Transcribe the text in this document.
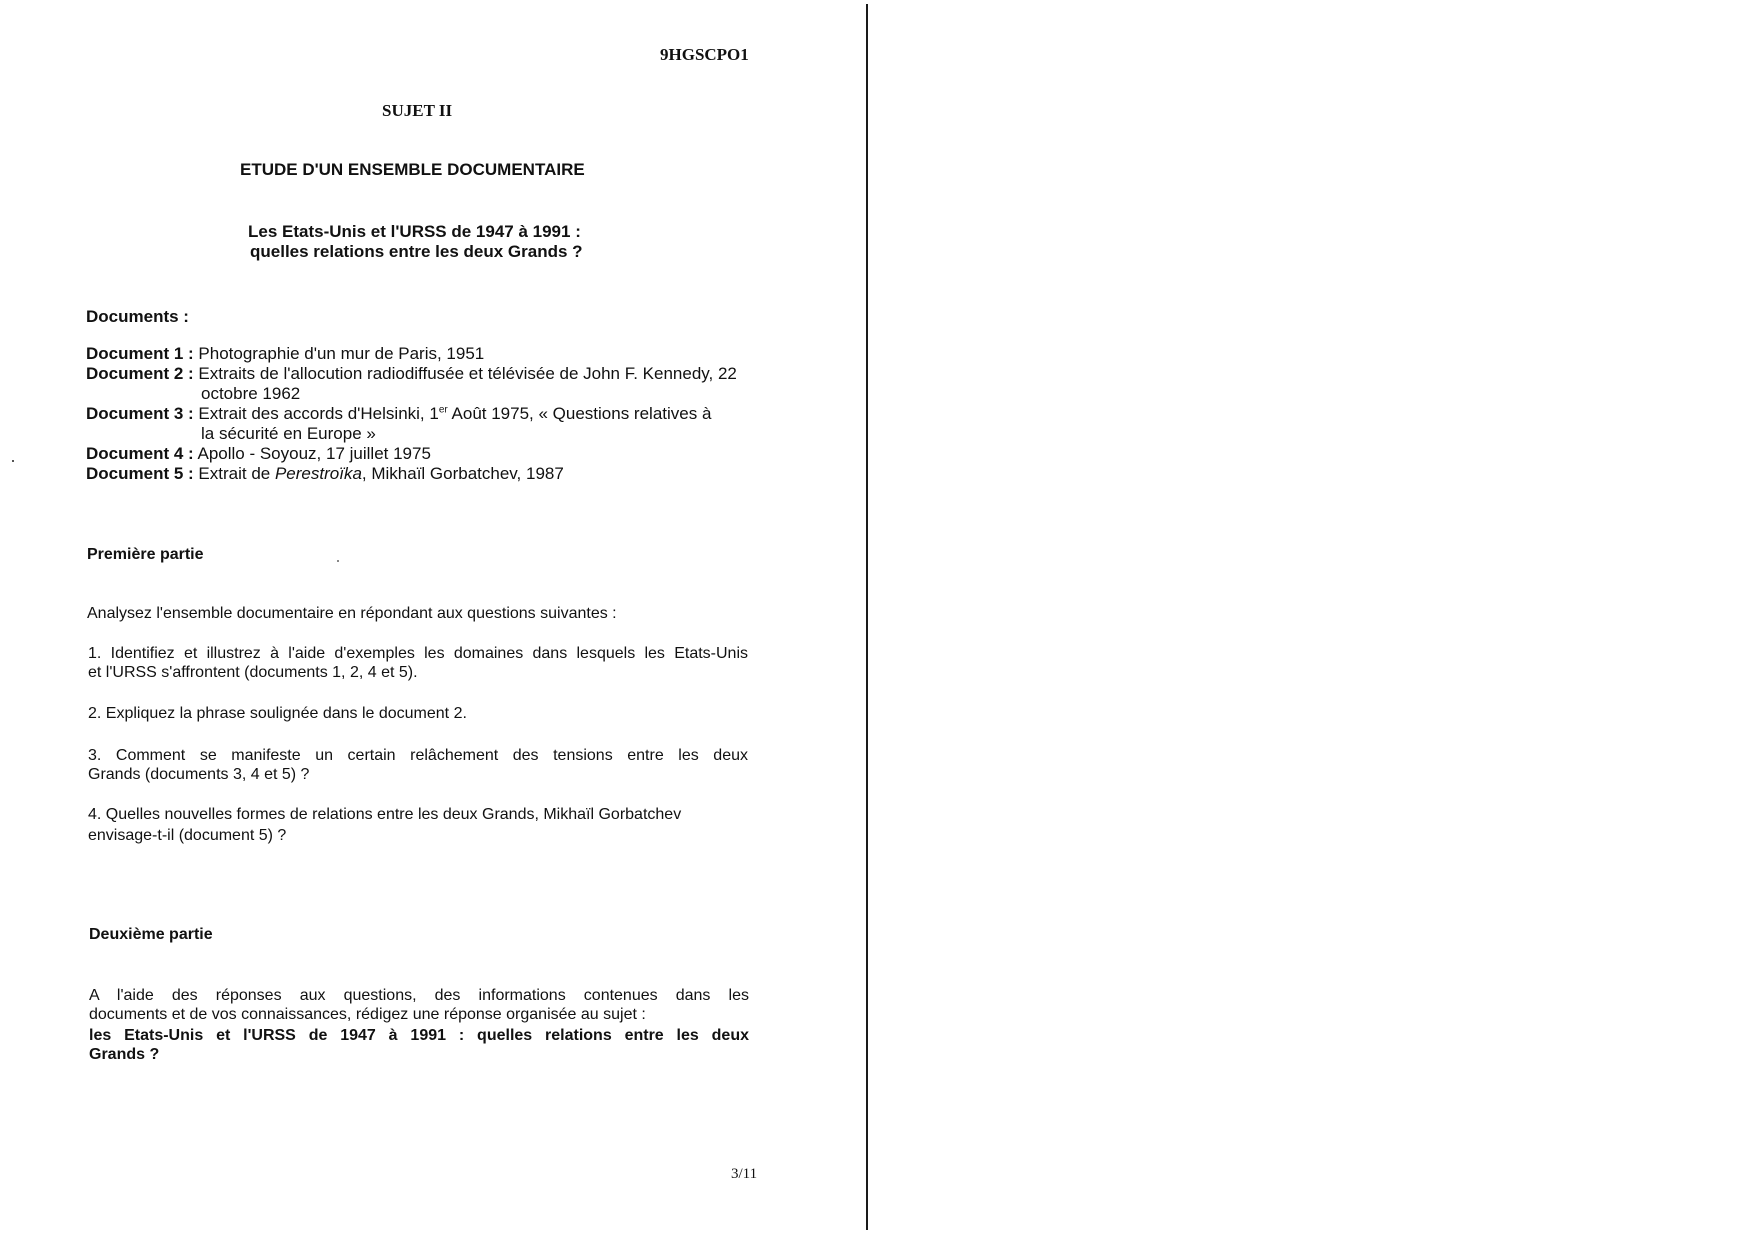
9HGSCPO1
SUJET II
ETUDE D'UN ENSEMBLE DOCUMENTAIRE
Les Etats-Unis et l'URSS de 1947 à 1991 :
quelles relations entre les deux Grands ?
Documents :
Document 1 : Photographie d'un mur de Paris, 1951
Document 2 : Extraits de l'allocution radiodiffusée et télévisée de John F. Kennedy, 22
octobre 1962
Document 3 : Extrait des accords d'Helsinki, 1er Août 1975, « Questions relatives à
la sécurité en Europe »
Document 4 : Apollo - Soyouz, 17 juillet 1975
Document 5 : Extrait de Perestroïka, Mikhaïl Gorbatchev, 1987
Première partie
Analysez l'ensemble documentaire en répondant aux questions suivantes :
1. Identifiez et illustrez à l'aide d'exemples les domaines dans lesquels les Etats-Unis
et l'URSS s'affrontent (documents 1, 2, 4 et 5).
2. Expliquez la phrase soulignée dans le document 2.
3. Comment se manifeste un certain relâchement des tensions entre les deux
Grands (documents 3, 4 et 5) ?
4. Quelles nouvelles formes de relations entre les deux Grands, Mikhaïl Gorbatchev
envisage-t-il (document 5) ?
Deuxième partie
A l'aide des réponses aux questions, des informations contenues dans les
documents et de vos connaissances, rédigez une réponse organisée au sujet :
les Etats-Unis et l'URSS de 1947 à 1991 : quelles relations entre les deux
Grands ?
3/11
